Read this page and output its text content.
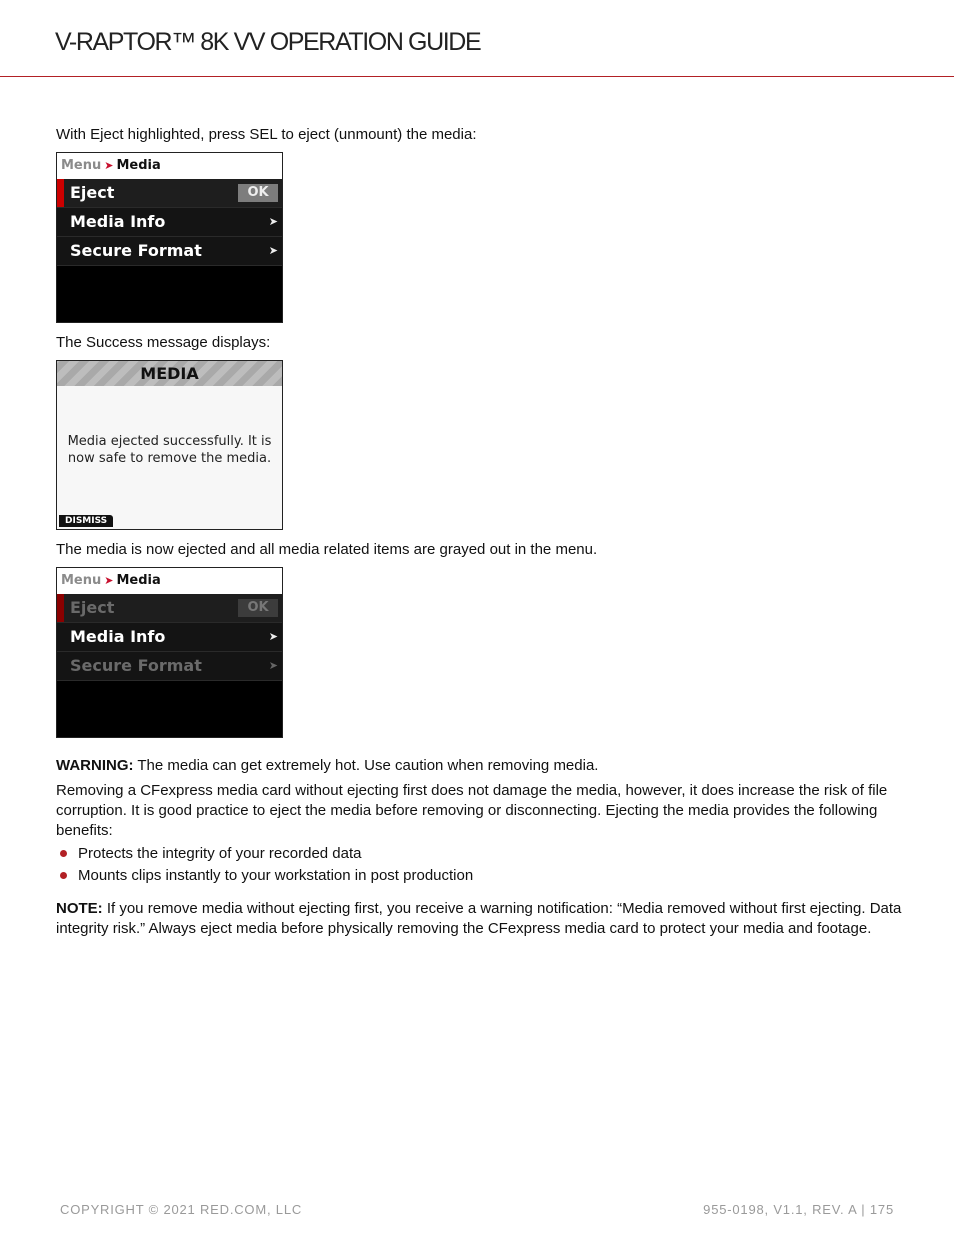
V-RAPTOR™ 8K VV OPERATION GUIDE
With Eject highlighted, press SEL to eject (unmount) the media:
Menu ➤ Media
Eject	OK
Media Info	➤
Secure Format	➤
The Success message displays:
MEDIA
Media ejected successfully. It is now safe to remove the media.
DISMISS
The media is now ejected and all media related items are grayed out in the menu.
Menu ➤ Media
Eject	OK
Media Info	➤
Secure Format	➤
WARNING: The media can get extremely hot. Use caution when removing media.
Removing a CFexpress media card without ejecting first does not damage the media, however, it does increase the risk of file corruption. It is good practice to eject the media before removing or disconnecting. Ejecting the media provides the following benefits:
Protects the integrity of your recorded data
Mounts clips instantly to your workstation in post production
NOTE: If you remove media without ejecting first, you receive a warning notification: “Media removed without first ejecting. Data integrity risk.” Always eject media before physically removing the CFexpress media card to protect your media and footage.
COPYRIGHT © 2021 RED.COM, LLC	955-0198, V1.1, REV. A | 175
